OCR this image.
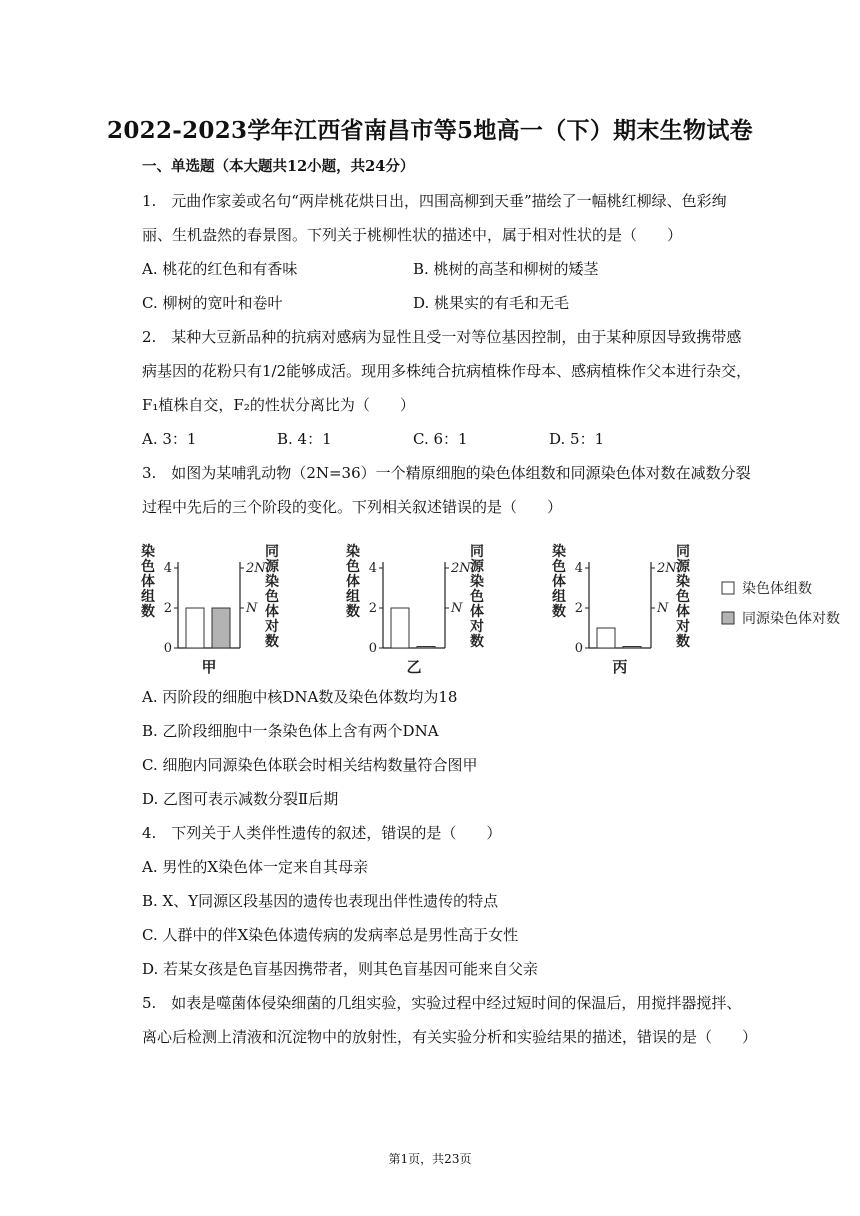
2022-2023学年江西省南昌市等5地高一（下）期末生物试卷
一、单选题（本大题共12小题，共24分）
1.　元曲作家姜或名句“两岸桃花烘日出，四围高柳到天垂”描绘了一幅桃红柳绿、色彩绚
丽、生机盎然的春景图。下列关于桃柳性状的描述中，属于相对性状的是（　　）
A. 桃花的红色和有香味	B. 桃树的高茎和柳树的矮茎
C. 柳树的宽叶和卷叶	D. 桃果实的有毛和无毛
2.　某种大豆新品种的抗病对感病为显性且受一对等位基因控制，由于某种原因导致携带感
病基因的花粉只有1/2能够成活。现用多株纯合抗病植株作母本、感病植株作父本进行杂交，
F₁植株自交，F₂的性状分离比为（　　）
A. 3：1	B. 4：1	C. 6：1	D. 5：1
3.　如图为某哺乳动物（2N=36）一个精原细胞的染色体组数和同源染色体对数在减数分裂
过程中先后的三个阶段的变化。下列相关叙述错误的是（　　）
染色体组数
同源染色体对数
4
2
0
2N
N
甲
染色体组数
同源染色体对数
4
2
0
2N
N
乙
染色体组数
同源染色体对数
4
2
0
2N
N
丙
染色体组数
同源染色体对数
A. 丙阶段的细胞中核DNA数及染色体数均为18
B. 乙阶段细胞中一条染色体上含有两个DNA
C. 细胞内同源染色体联会时相关结构数量符合图甲
D. 乙图可表示减数分裂Ⅱ后期
4.　下列关于人类伴性遗传的叙述，错误的是（　　）
A. 男性的X染色体一定来自其母亲
B. X、Y同源区段基因的遗传也表现出伴性遗传的特点
C. 人群中的伴X染色体遗传病的发病率总是男性高于女性
D. 若某女孩是色盲基因携带者，则其色盲基因可能来自父亲
5.　如表是噬菌体侵染细菌的几组实验，实验过程中经过短时间的保温后，用搅拌器搅拌、
离心后检测上清液和沉淀物中的放射性，有关实验分析和实验结果的描述，错误的是（　　）
第1页，共23页
